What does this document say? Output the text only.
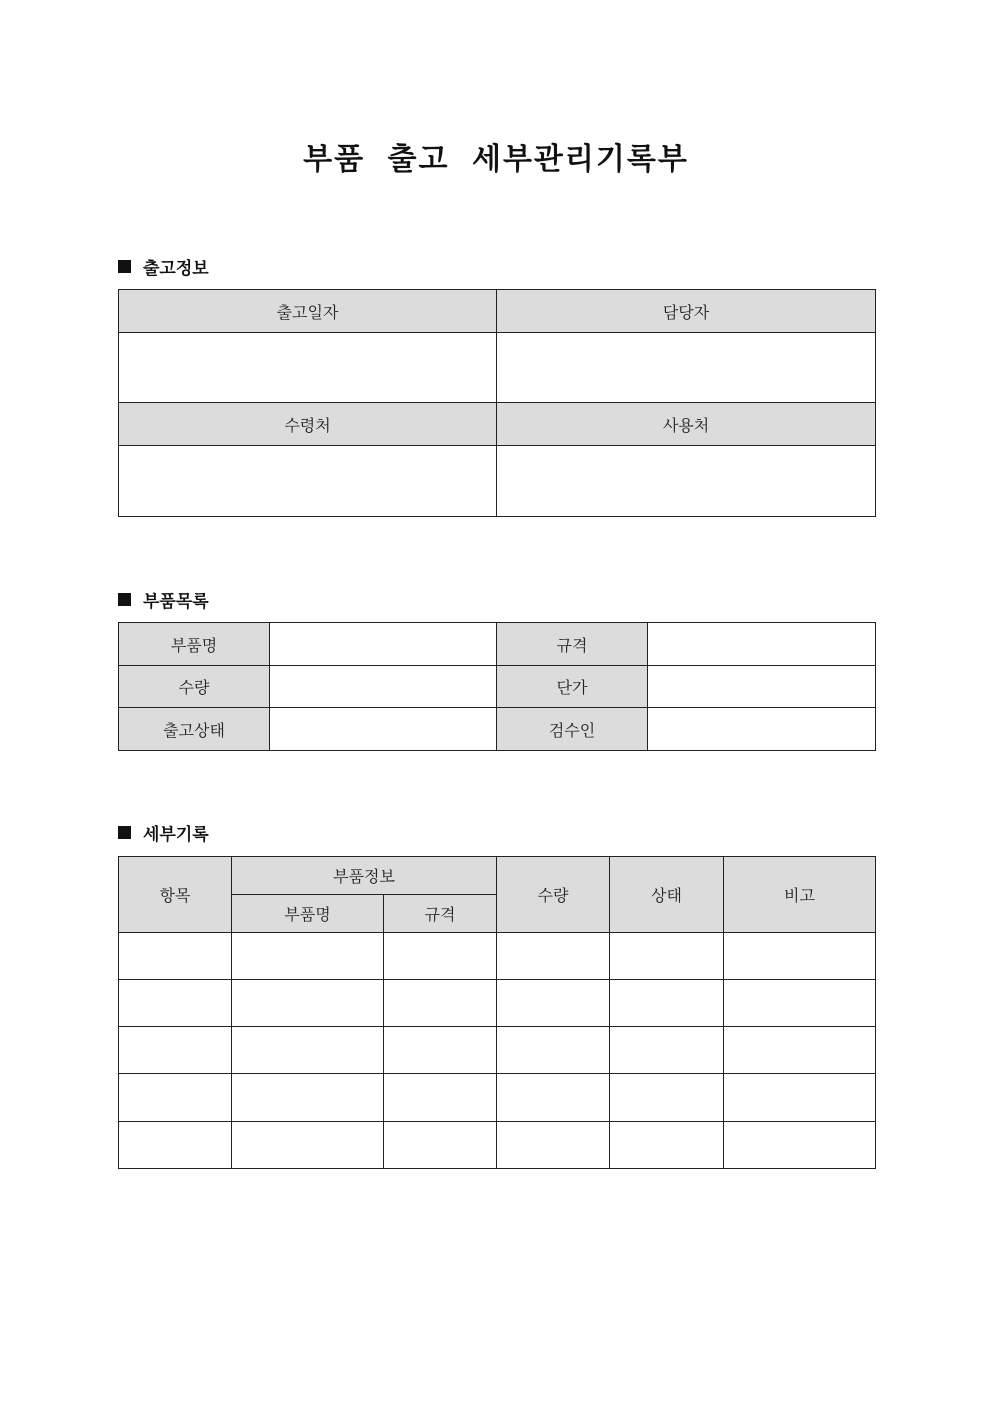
부품 출고 세부관리기록부
출고정보
출고일자	담당자

수령처	사용처

부품목록
부품명		규격	
수량		단가	
출고상태		검수인	
세부기록
항목	부품정보		수량	상태	비고
	부품명	규격			
